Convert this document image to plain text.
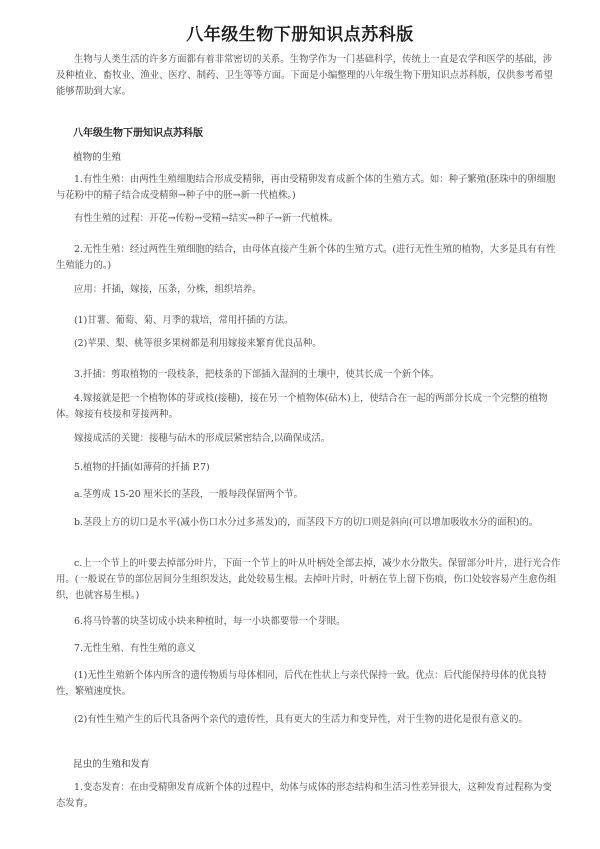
八年级生物下册知识点苏科版

生物与人类生活的许多方面都有着非常密切的关系。生物学作为一门基础科学，传统上一直是农学和医学的基础，涉及种植业、畜牧业、渔业、医疗、制药、卫生等等方面。下面是小编整理的八年级生物下册知识点苏科版，仅供参考希望能够帮助到大家。

八年级生物下册知识点苏科版

植物的生殖

1.有性生殖：由两性生殖细胞结合形成受精卵，再由受精卵发育成新个体的生殖方式。如：种子繁殖(胚珠中的卵细胞与花粉中的精子结合成受精卵→种子中的胚→新一代植株。)

有性生殖的过程：开花→传粉→受精→结实→种子→新一代植株。

2.无性生殖：经过两性生殖细胞的结合，由母体直接产生新个体的生殖方式。(进行无性生殖的植物，大多是具有有性生殖能力的。)

应用：扦插，嫁接，压条，分株，组织培养。

(1)甘薯、葡萄、菊、月季的栽培，常用扦插的方法。

(2)苹果、梨、桃等很多果树都是利用嫁接来繁育优良品种。

3.扦插：剪取植物的一段枝条，把枝条的下部插入湿润的土壤中，使其长成一个新个体。

4.嫁接就是把一个植物体的芽或枝(接穗)，接在另一个植物体(砧木)上，使结合在一起的两部分长成一个完整的植物体。嫁接有枝接和芽接两种。

嫁接成活的关键：接穗与砧木的形成层紧密结合,以确保成活。

5.植物的扦插(如薄荷的扦插 P.7)

a.茎剪成 15-20 厘米长的茎段，一般每段保留两个节。

b.茎段上方的切口是水平(减小伤口水分过多蒸发)的，而茎段下方的切口则是斜向(可以增加吸收水分的面积)的。

c.上一个节上的叶要去掉部分叶片，下面一个节上的叶从叶柄处全部去掉，减少水分散失。保留部分叶片，进行光合作用。(一般说在节的部位居间分生组织发达，此处较易生根。去掉叶片时，叶柄在节上留下伤痕，伤口处较容易产生愈伤组织，也就容易生根。)

6.将马铃薯的块茎切成小块来种植时，每一小块都要带一个芽眼。

7.无性生殖、有性生殖的意义

(1)无性生殖新个体内所含的遗传物质与母体相同，后代在性状上与亲代保持一致。优点：后代能保持母体的优良特性，繁殖速度快。

(2)有性生殖产生的后代具备两个亲代的遗传性，具有更大的生活力和变异性，对于生物的进化是很有意义的。

昆虫的生殖和发育

1.变态发育：在由受精卵发育成新个体的过程中，幼体与成体的形态结构和生活习性差异很大，这种发育过程称为变态发育。
